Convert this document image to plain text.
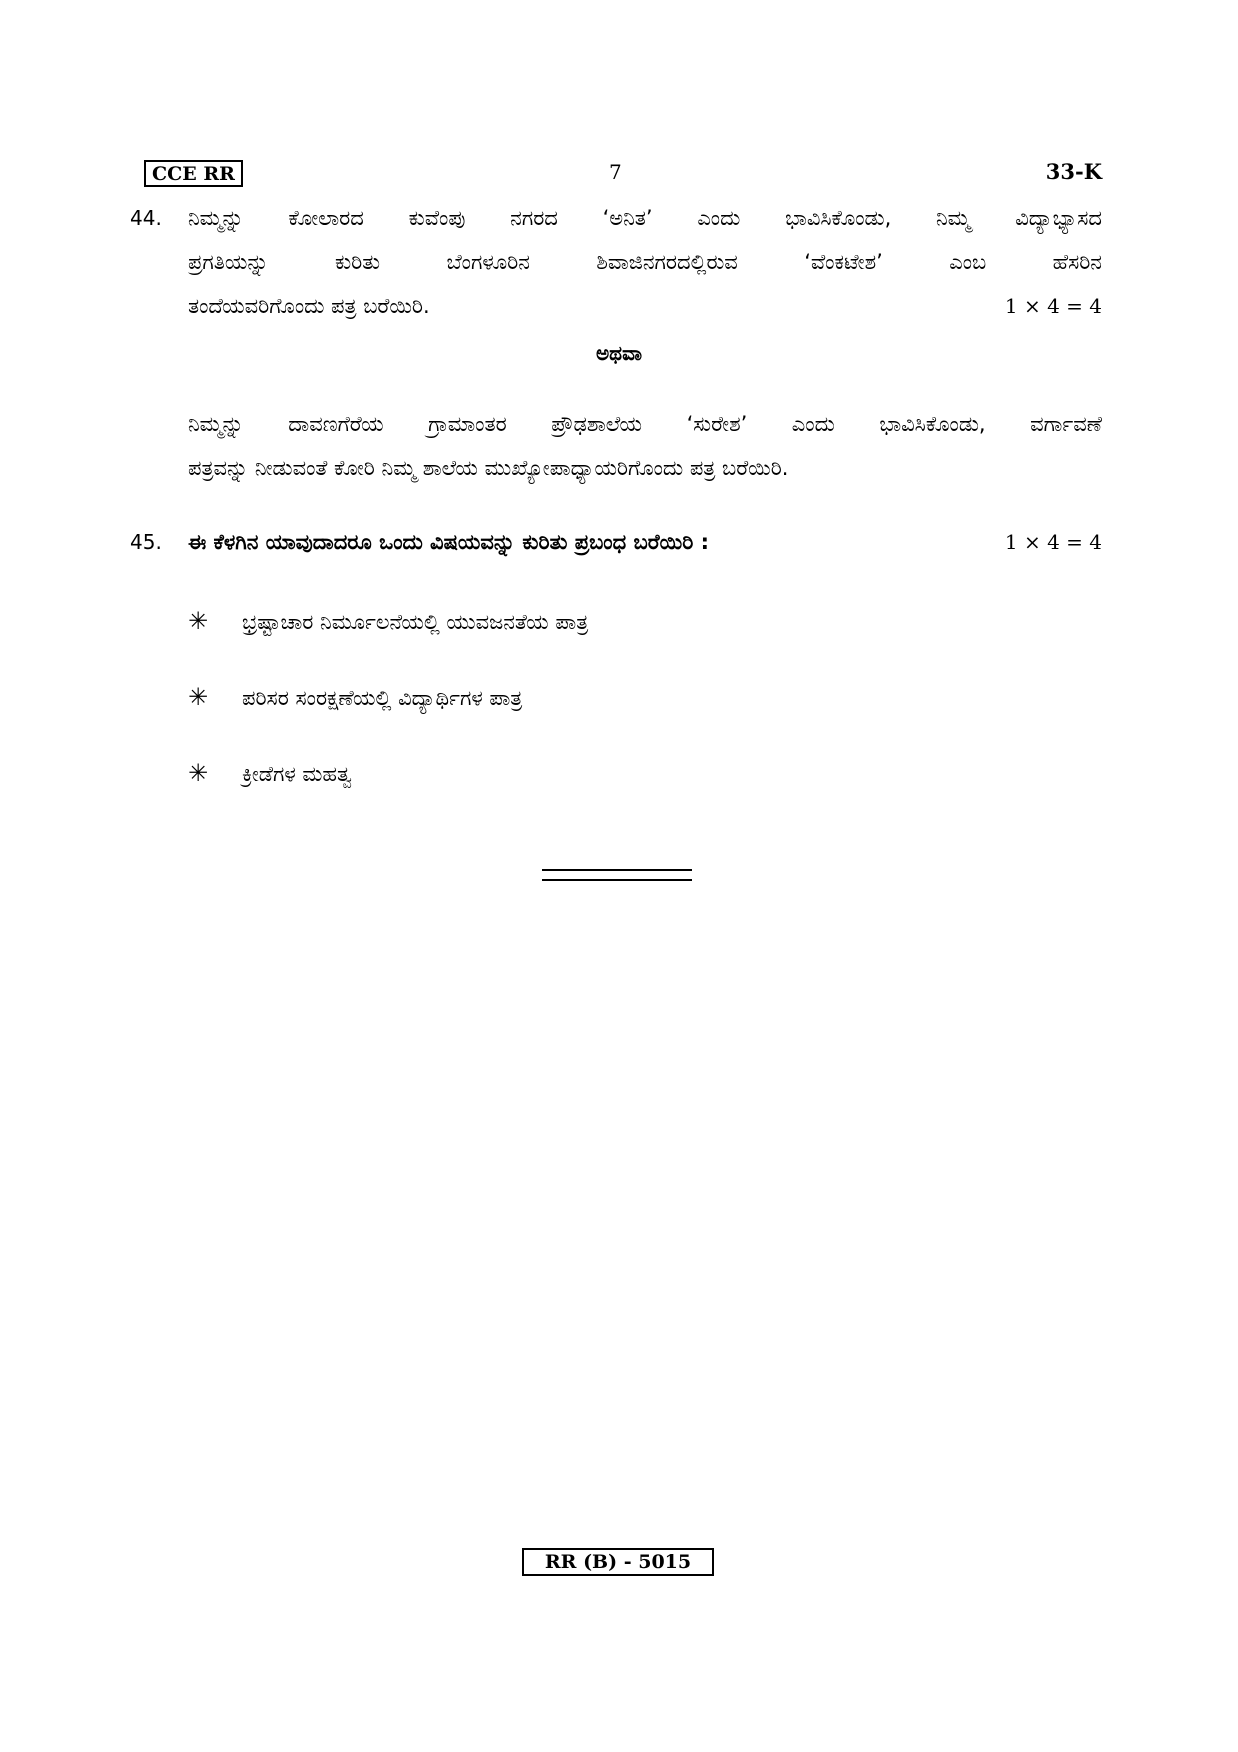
CCE RR	7	33-K
44. ನಿಮ್ಮನ್ನು ಕೋಲಾರದ ಕುವೆಂಪು ನಗರದ ‘ಅನಿತ’ ಎಂದು ಭಾವಿಸಿಕೊಂಡು, ನಿಮ್ಮ ವಿದ್ಯಾಭ್ಯಾಸದ
ಪ್ರಗತಿಯನ್ನು ಕುರಿತು ಬೆಂಗಳೂರಿನ ಶಿವಾಜಿನಗರದಲ್ಲಿರುವ ‘ವೆಂಕಟೇಶ’ ಎಂಬ ಹೆಸರಿನ
ತಂದೆಯವರಿಗೊಂದು ಪತ್ರ ಬರೆಯಿರಿ.	1 × 4 = 4
ಅಥವಾ
ನಿಮ್ಮನ್ನು ದಾವಣಗೆರೆಯ ಗ್ರಾಮಾಂತರ ಪ್ರೌಢಶಾಲೆಯ ‘ಸುರೇಶ’ ಎಂದು ಭಾವಿಸಿಕೊಂಡು, ವರ್ಗಾವಣೆ
ಪತ್ರವನ್ನು ನೀಡುವಂತೆ ಕೋರಿ ನಿಮ್ಮ ಶಾಲೆಯ ಮುಖ್ಯೋಪಾಧ್ಯಾಯರಿಗೊಂದು ಪತ್ರ ಬರೆಯಿರಿ.
45. ಈ ಕೆಳಗಿನ ಯಾವುದಾದರೂ ಒಂದು ವಿಷಯವನ್ನು ಕುರಿತು ಪ್ರಬಂಧ ಬರೆಯಿರಿ :	1 × 4 = 4
✳ ಭ್ರಷ್ಟಾಚಾರ ನಿರ್ಮೂಲನೆಯಲ್ಲಿ ಯುವಜನತೆಯ ಪಾತ್ರ
✳ ಪರಿಸರ ಸಂರಕ್ಷಣೆಯಲ್ಲಿ ವಿದ್ಯಾರ್ಥಿಗಳ ಪಾತ್ರ
✳ ಕ್ರೀಡೆಗಳ ಮಹತ್ವ
RR (B) - 5015
